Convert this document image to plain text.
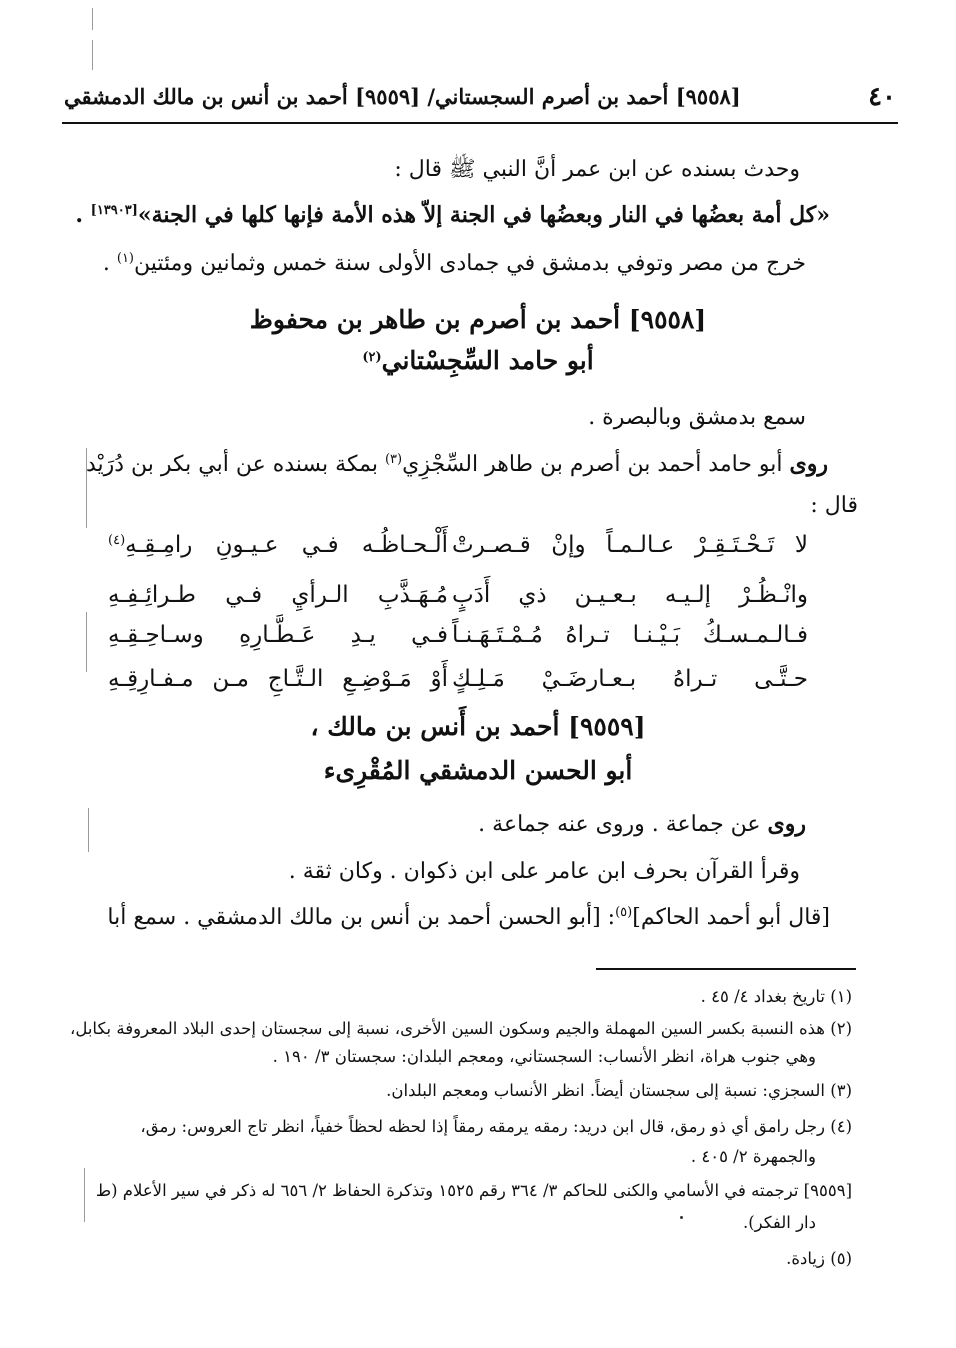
٤٠
[٩٥٥٨] أحمد بن أصرم السجستاني/ [٩٥٥٩] أحمد بن أنس بن مالك الدمشقي
وحدث بسنده عن ابن عمر أنَّ النبي ﷺ قال :
«كل أمة بعضُها في النار وبعضُها في الجنة إلاّ هذه الأمة فإنها كلها في الجنة»[١٣٩٠٣] .
خرج من مصر وتوفي بدمشق في جمادى الأولى سنة خمس وثمانين ومئتين$^{(١)}$ .
[٩٥٥٨] أحمد بن أصرم بن طاهر بن محفوظ
أبو حامد السِّجِسْتاني$^{(٢)}$
سمع بدمشق وبالبصرة .
روى أبو حامد أحمد بن أصرم بن طاهر السِّجْزِي$^{(٣)}$ بمكة بسنده عن أبي بكر بن دُرَيْد
قال :
لا تَـحْـتَـقِـرْ عـالـمـاً وإنْ قـصـرتْ
أَلْـحـاظُـه فـي عـيـونِ رامِـقِـهِ$^{(٤)}$
وانْـظُـرْ إلـيـه بـعـيـن ذي أَدَبٍ
مُـهَـذَّبِ الـرأيِ فـي طـرائِـفِـهِ
فـالـمـسـكُ بَـيْـنـا تـراهُ مُـمْـتَـهَـنـاً
فـي يـدِ عَـطَّـارِهِ وسـاحِـقِـهِ
حـتَّـى تـراهُ بـعـارضَـيْ مَـلِـكٍ
أَوْ مَـوْضِـعِ الـتَّـاجِ مـن مـفـارِقِـهِ
[٩٥٥٩] أحمد بن أَنس بن مالك ،
أبو الحسن الدمشقي المُقْرِىء
روى عن جماعة . وروى عنه جماعة .
وقرأ القرآن بحرف ابن عامر على ابن ذكوان . وكان ثقة .
[قال أبو أحمد الحاكم]$^{(٥)}$: [أبو الحسن أحمد بن أنس بن مالك الدمشقي . سمع أبا
(١) تاريخ بغداد ٤/ ٤٥ .
(٢) هذه النسبة بكسر السين المهملة والجيم وسكون السين الأخرى، نسبة إلى سجستان إحدى البلاد المعروفة بكابل،
وهي جنوب هراة، انظر الأنساب: السجستاني، ومعجم البلدان: سجستان ٣/ ١٩٠ .
(٣) السجزي: نسبة إلى سجستان أيضاً. انظر الأنساب ومعجم البلدان.
(٤) رجل رامق أي ذو رمق، قال ابن دريد: رمقه يرمقه رمقاً إذا لحظه لحظاً خفياً، انظر تاج العروس: رمق،
والجمهرة ٢/ ٤٠٥ .
[٩٥٥٩] ترجمته في الأسامي والكنى للحاكم ٣/ ٣٦٤ رقم ١٥٢٥ وتذكرة الحفاظ ٢/ ٦٥٦ له ذكر في سير الأعلام (ط
دار الفكر).
(٥) زيادة.
